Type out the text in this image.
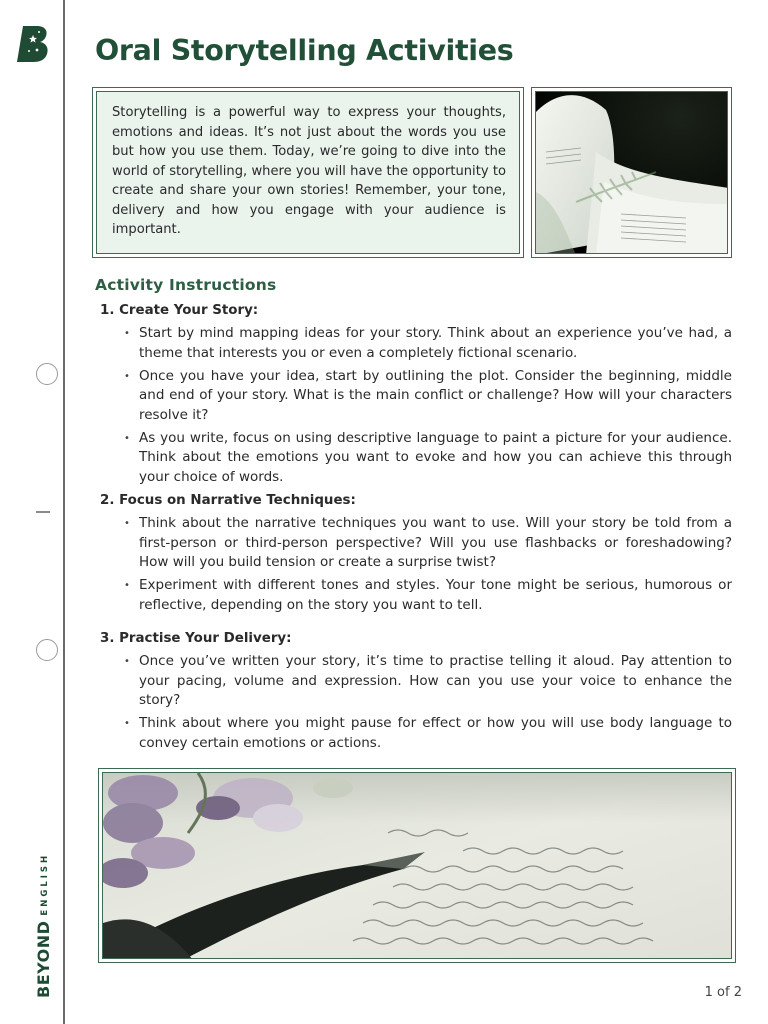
BEYONDENGLISH
Oral Storytelling Activities

Storytelling is a powerful way to express your thoughts, emotions and ideas. It’s not just about the words you use but how you use them. Today, we’re going to dive into the world of storytelling, where you will have the opportunity to create and share your own stories! Remember, your tone, delivery and how you engage with your audience is important.

Activity Instructions
1. Create Your Story:
• Start by mind mapping ideas for your story. Think about an experience you’ve had, a theme that interests you or even a completely fictional scenario.
• Once you have your idea, start by outlining the plot. Consider the beginning, middle and end of your story. What is the main conflict or challenge? How will your characters resolve it?
• As you write, focus on using descriptive language to paint a picture for your audience. Think about the emotions you want to evoke and how you can achieve this through your choice of words.
2. Focus on Narrative Techniques:
• Think about the narrative techniques you want to use. Will your story be told from a first-person or third-person perspective? Will you use flashbacks or foreshadowing? How will you build tension or create a surprise twist?
• Experiment with different tones and styles. Your tone might be serious, humorous or reflective, depending on the story you want to tell.
3. Practise Your Delivery:
• Once you’ve written your story, it’s time to practise telling it aloud. Pay attention to your pacing, volume and expression. How can you use your voice to enhance the story?
• Think about where you might pause for effect or how you will use body language to convey certain emotions or actions.
1 of 2
